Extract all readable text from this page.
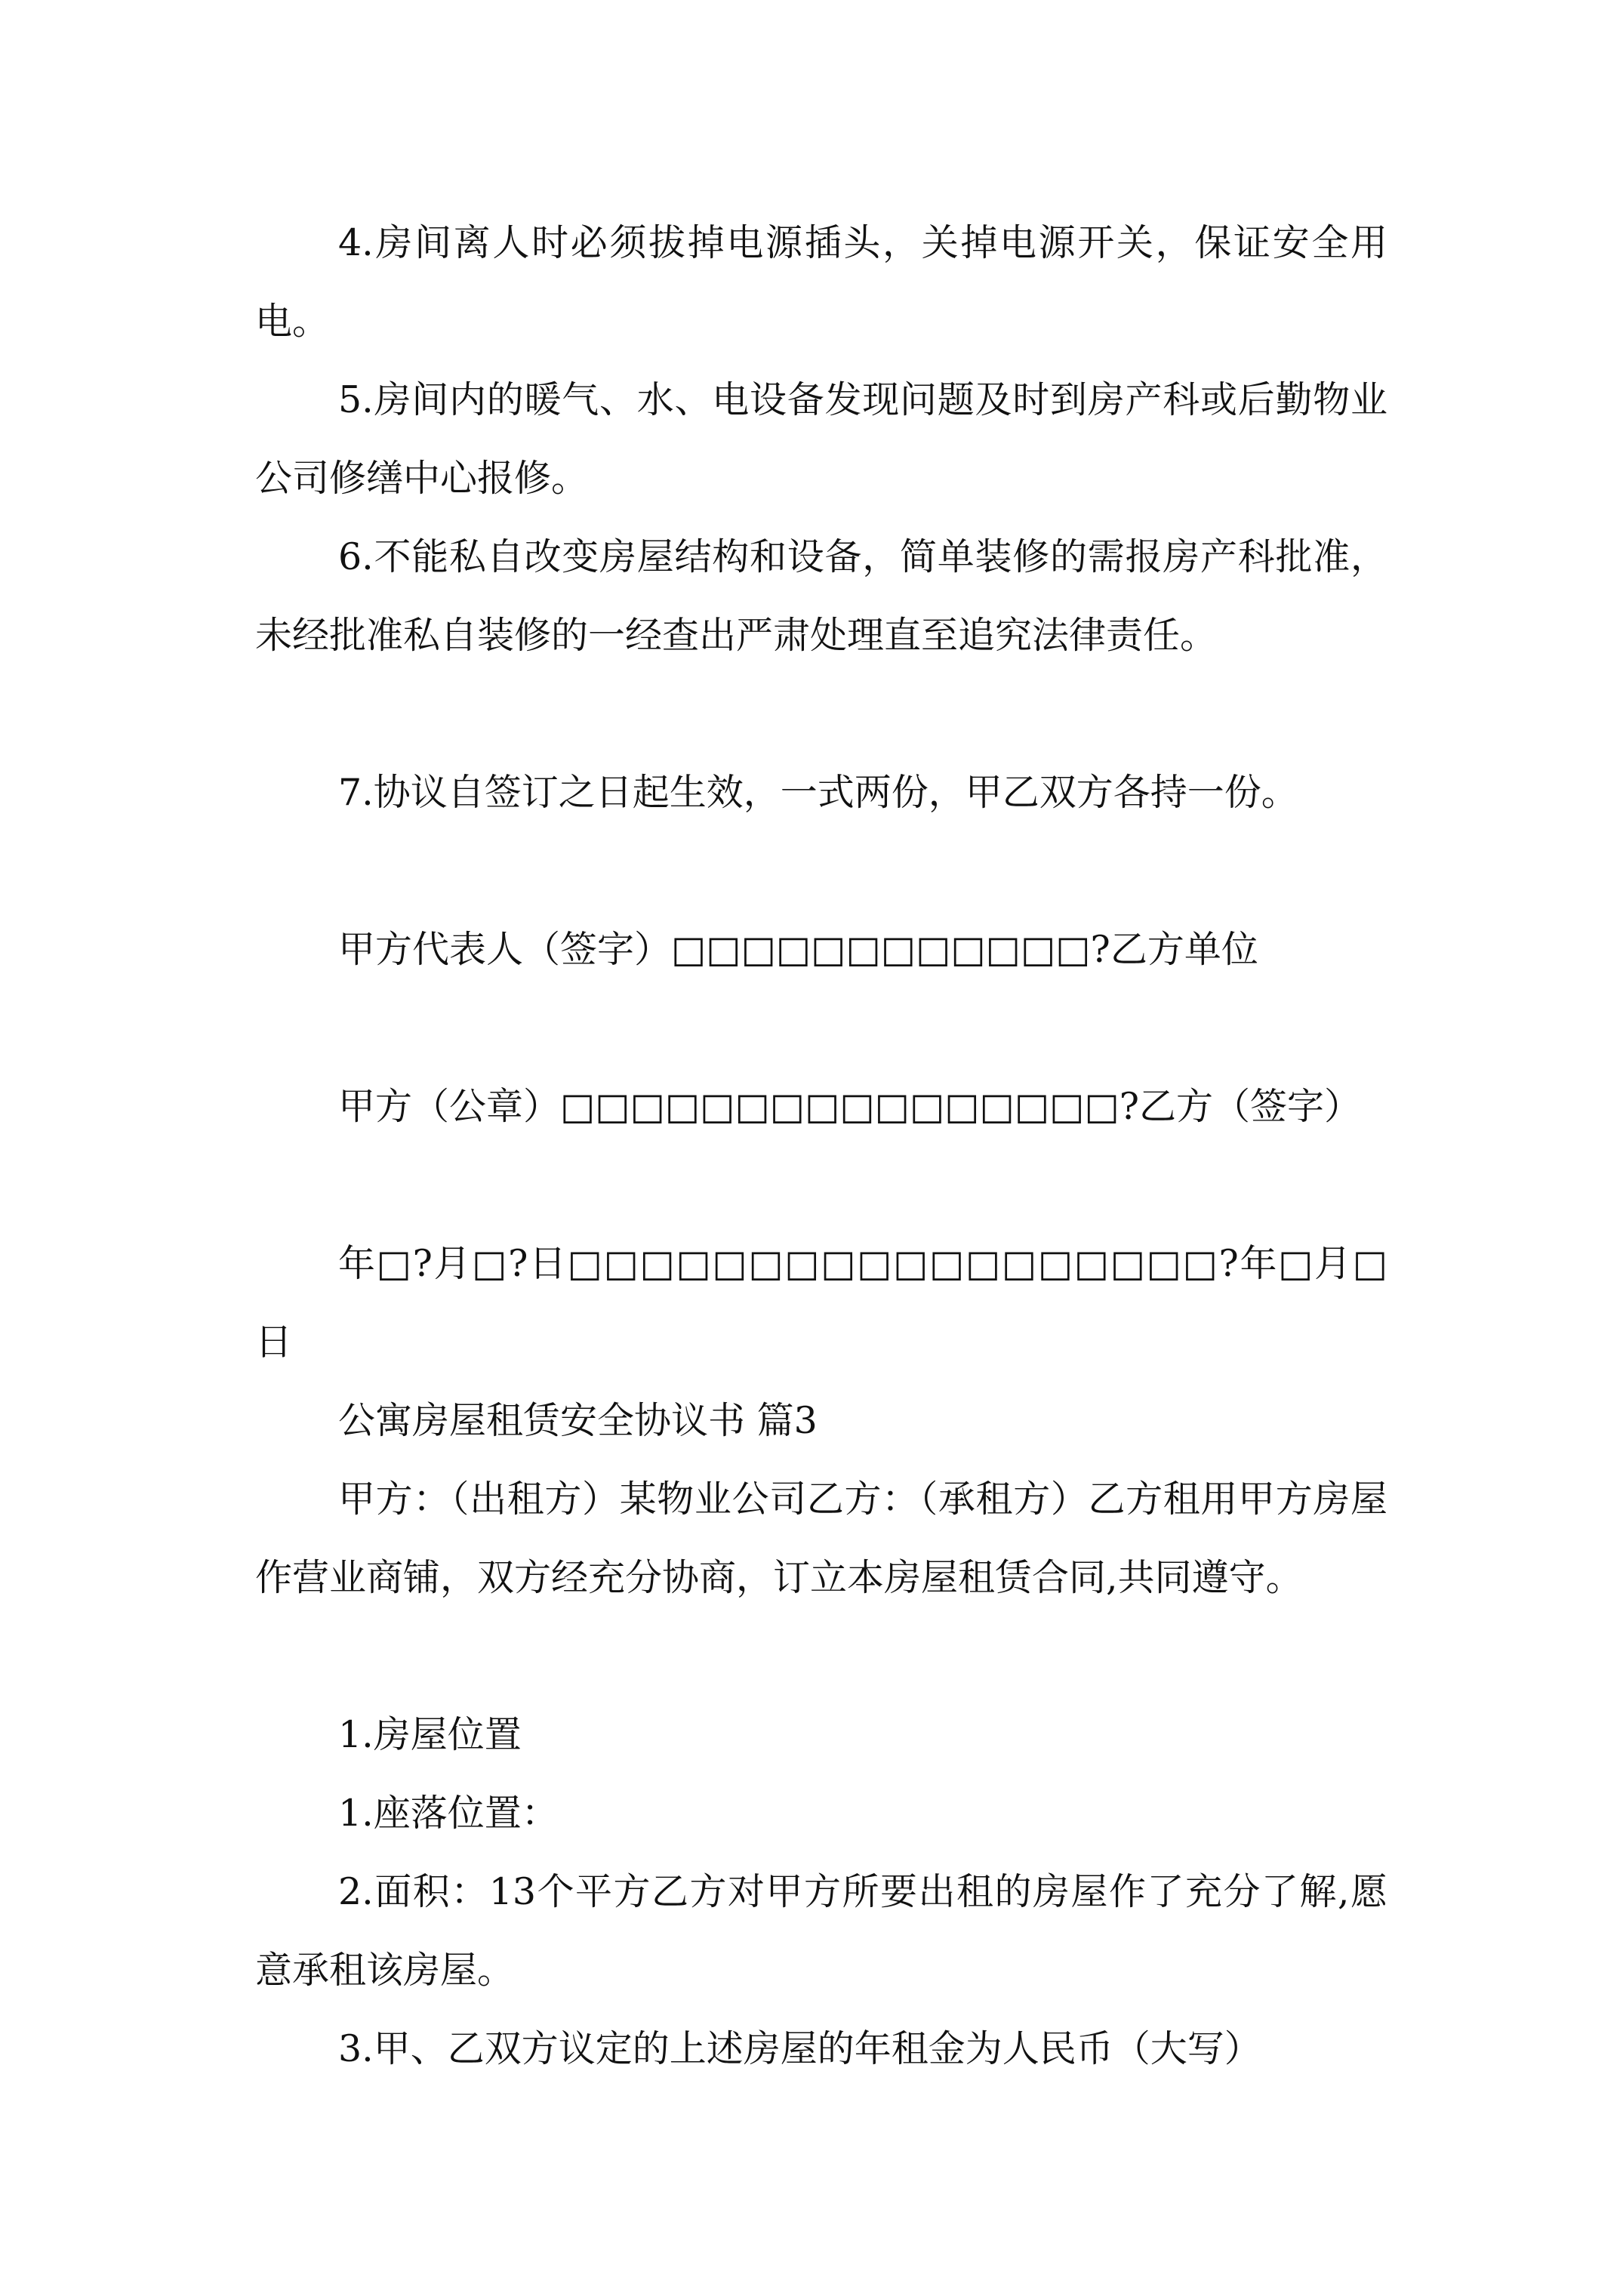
4.房间离人时必须拔掉电源插头，关掉电源开关，保证安全用电。

5.房间内的暖气、水、电设备发现问题及时到房产科或后勤物业公司修缮中心报修。

6.不能私自改变房屋结构和设备，简单装修的需报房产科批准，未经批准私自装修的一经查出严肃处理直至追究法律责任。

7.协议自签订之日起生效，一式两份，甲乙双方各持一份。

甲方代表人（签字）□□□□□□□□□□□□?乙方单位

甲方（公章）□□□□□□□□□□□□□□□□?乙方（签字）

年□?月□?日□□□□□□□□□□□□□□□□□□?年□月□日

公寓房屋租赁安全协议书 篇3

甲方：（出租方）某物业公司乙方：（承租方）乙方租用甲方房屋作营业商铺，双方经充分协商，订立本房屋租赁合同,共同遵守。

1.房屋位置

1.座落位置：

2.面积：13个平方乙方对甲方所要出租的房屋作了充分了解,愿意承租该房屋。

3.甲、乙双方议定的上述房屋的年租金为人民币（大写）
